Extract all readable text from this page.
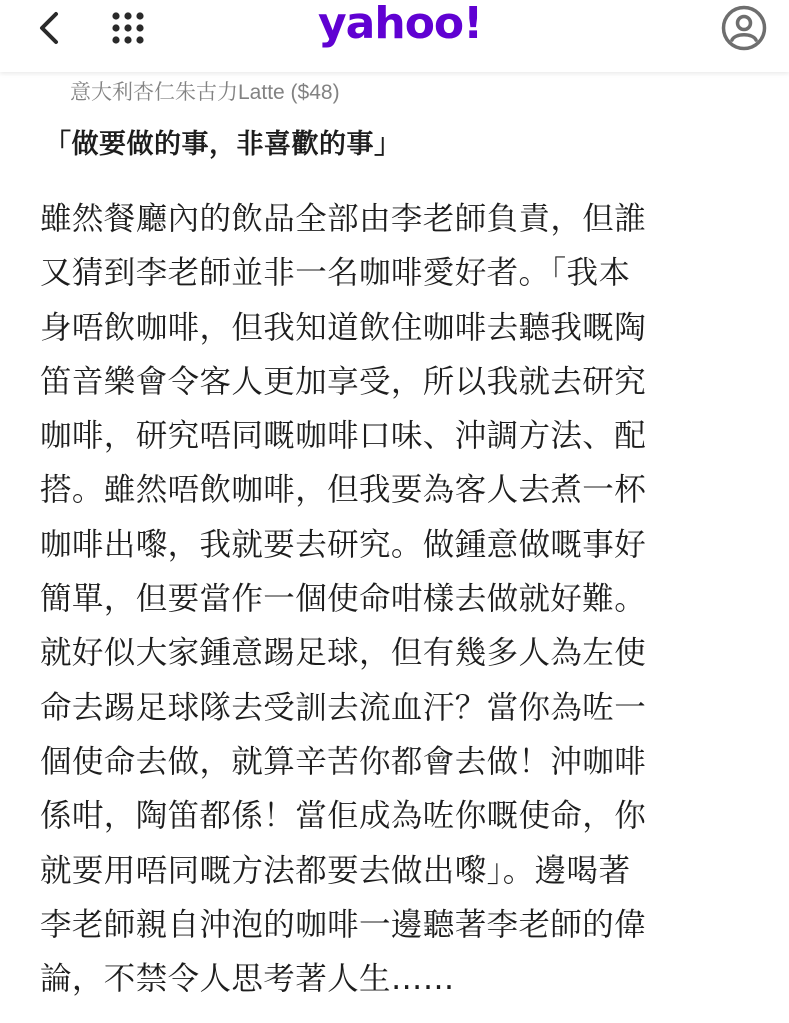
yahoo!
意大利杏仁朱古力Latte ($48)
「做要做的事，非喜歡的事」
雖然餐廳內的飲品全部由李老師負責，但誰
又猜到李老師並非一名咖啡愛好者。「我本
身唔飲咖啡，但我知道飲住咖啡去聽我嘅陶
笛音樂會令客人更加享受，所以我就去研究
咖啡，研究唔同嘅咖啡口味、沖調方法、配
搭。雖然唔飲咖啡，但我要為客人去煮一杯
咖啡出嚟，我就要去研究。做鍾意做嘅事好
簡單，但要當作一個使命咁樣去做就好難。
就好似大家鍾意踢足球，但有幾多人為左使
命去踢足球隊去受訓去流血汗？當你為咗一
個使命去做，就算辛苦你都會去做！沖咖啡
係咁，陶笛都係！當佢成為咗你嘅使命，你
就要用唔同嘅方法都要去做出嚟」。邊喝著
李老師親自沖泡的咖啡一邊聽著李老師的偉
論，不禁令人思考著人生……
